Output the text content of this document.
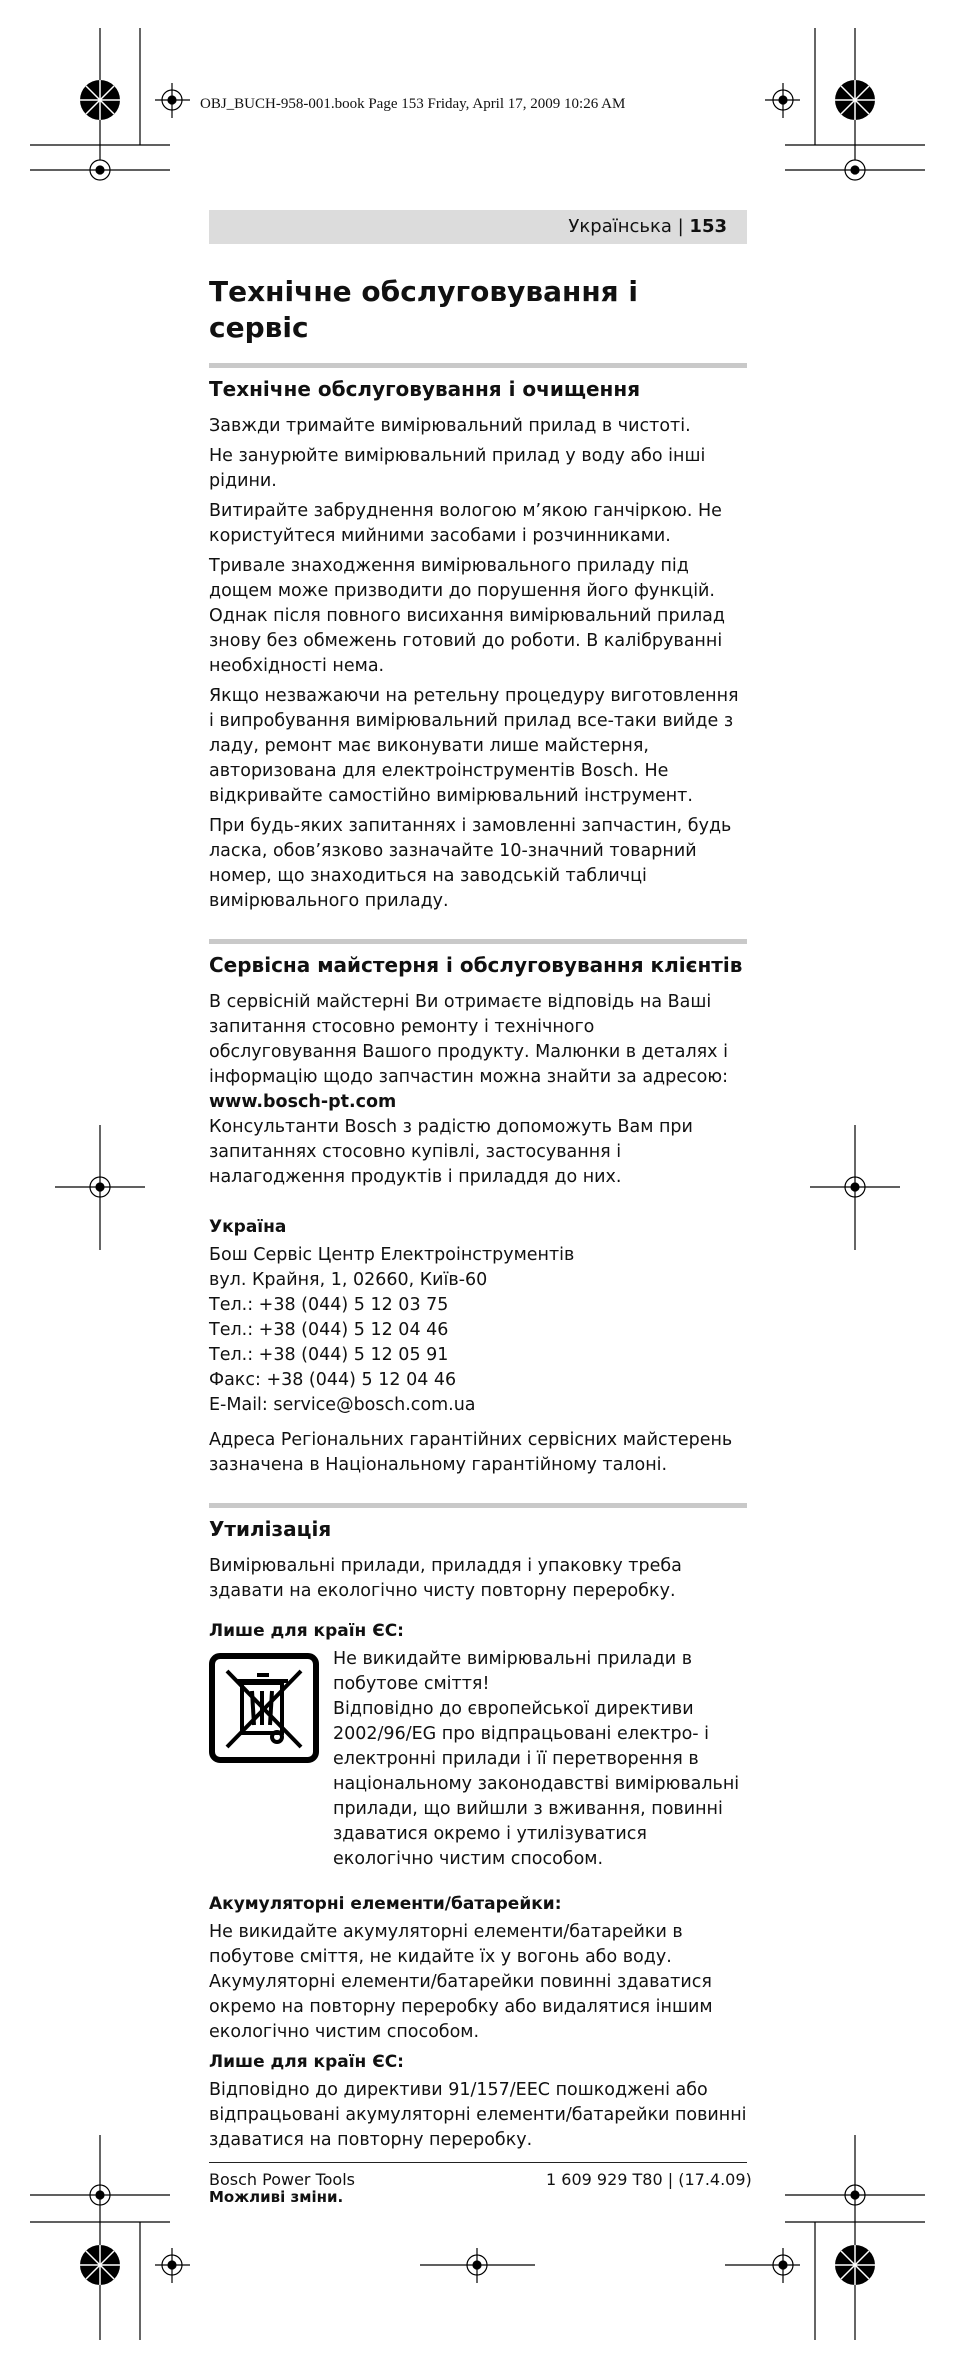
OBJ_BUCH-958-001.book Page 153 Friday, April 17, 2009 10:26 AM
Українська | 153
Технічне обслуговування і сервіс
Технічне обслуговування і очищення

Завжди тримайте вимірювальний прилад в чистоті.

Не занурюйте вимірювальний прилад у воду або інші рідини.

Витирайте забруднення вологою м’якою ганчіркою. Не користуйтеся мийними засобами і розчинниками.

Тривале знаходження вимірювального приладу під дощем може призводити до порушення його функцій. Однак після повного висихання вимірювальний прилад знову без обмежень готовий до роботи. В калібруванні необхідності нема.

Якщо незважаючи на ретельну процедуру виготовлення і випробування вимірювальний прилад все-таки вийде з ладу, ремонт має виконувати лише майстерня, авторизована для електроінструментів Bosch. Не відкривайте самостійно вимірювальний інструмент.

При будь-яких запитаннях і замовленні запчастин, будь ласка, обов’язково зазначайте 10-значний товарний номер, що знаходиться на заводській табличці вимірювального приладу.

Сервісна майстерня і обслуговування клієнтів

В сервісній майстерні Ви отримаєте відповідь на Ваші запитання стосовно ремонту і технічного обслуговування Вашого продукту. Малюнки в деталях і інформацію щодо запчастин можна знайти за адресою:

www.bosch-pt.com

Консультанти Bosch з радістю допоможуть Вам при запитаннях стосовно купівлі, застосування і налагодження продуктів і приладдя до них.

Україна

Бош Сервіс Центр Електроінструментів

вул. Крайня, 1, 02660, Київ-60

Тел.: +38 (044) 5 12 03 75

Тел.: +38 (044) 5 12 04 46

Тел.: +38 (044) 5 12 05 91

Факс: +38 (044) 5 12 04 46

E-Mail: service@bosch.com.ua

Адреса Регіональних гарантійних сервісних майстерень зазначена в Національному гарантійному талоні.

Утилізація

Вимірювальні прилади, приладдя і упаковку треба здавати на екологічно чисту повторну переробку.

Лише для країн ЄС:

Не викидайте вимірювальні прилади в побутове сміття!

Відповідно до європейської директиви 2002/96/EG про відпрацьовані електро- і електронні прилади і її перетворення в національному законодавстві вимірювальні прилади, що вийшли з вживання, повинні здаватися окремо і утилізуватися екологічно чистим способом.

Акумуляторні елементи/батарейки:

Не викидайте акумуляторні елементи/батарейки в побутове сміття, не кидайте їх у вогонь або воду. Акумуляторні елементи/батарейки повинні здаватися окремо на повторну переробку або видалятися іншим екологічно чистим способом.

Лише для країн ЄС:

Відповідно до директиви 91/157/ЕЕС пошкоджені або відпрацьовані акумуляторні елементи/батарейки повинні здаватися на повторну переробку.

Можливі зміни.
Bosch Power Tools	1 609 929 T80 | (17.4.09)
